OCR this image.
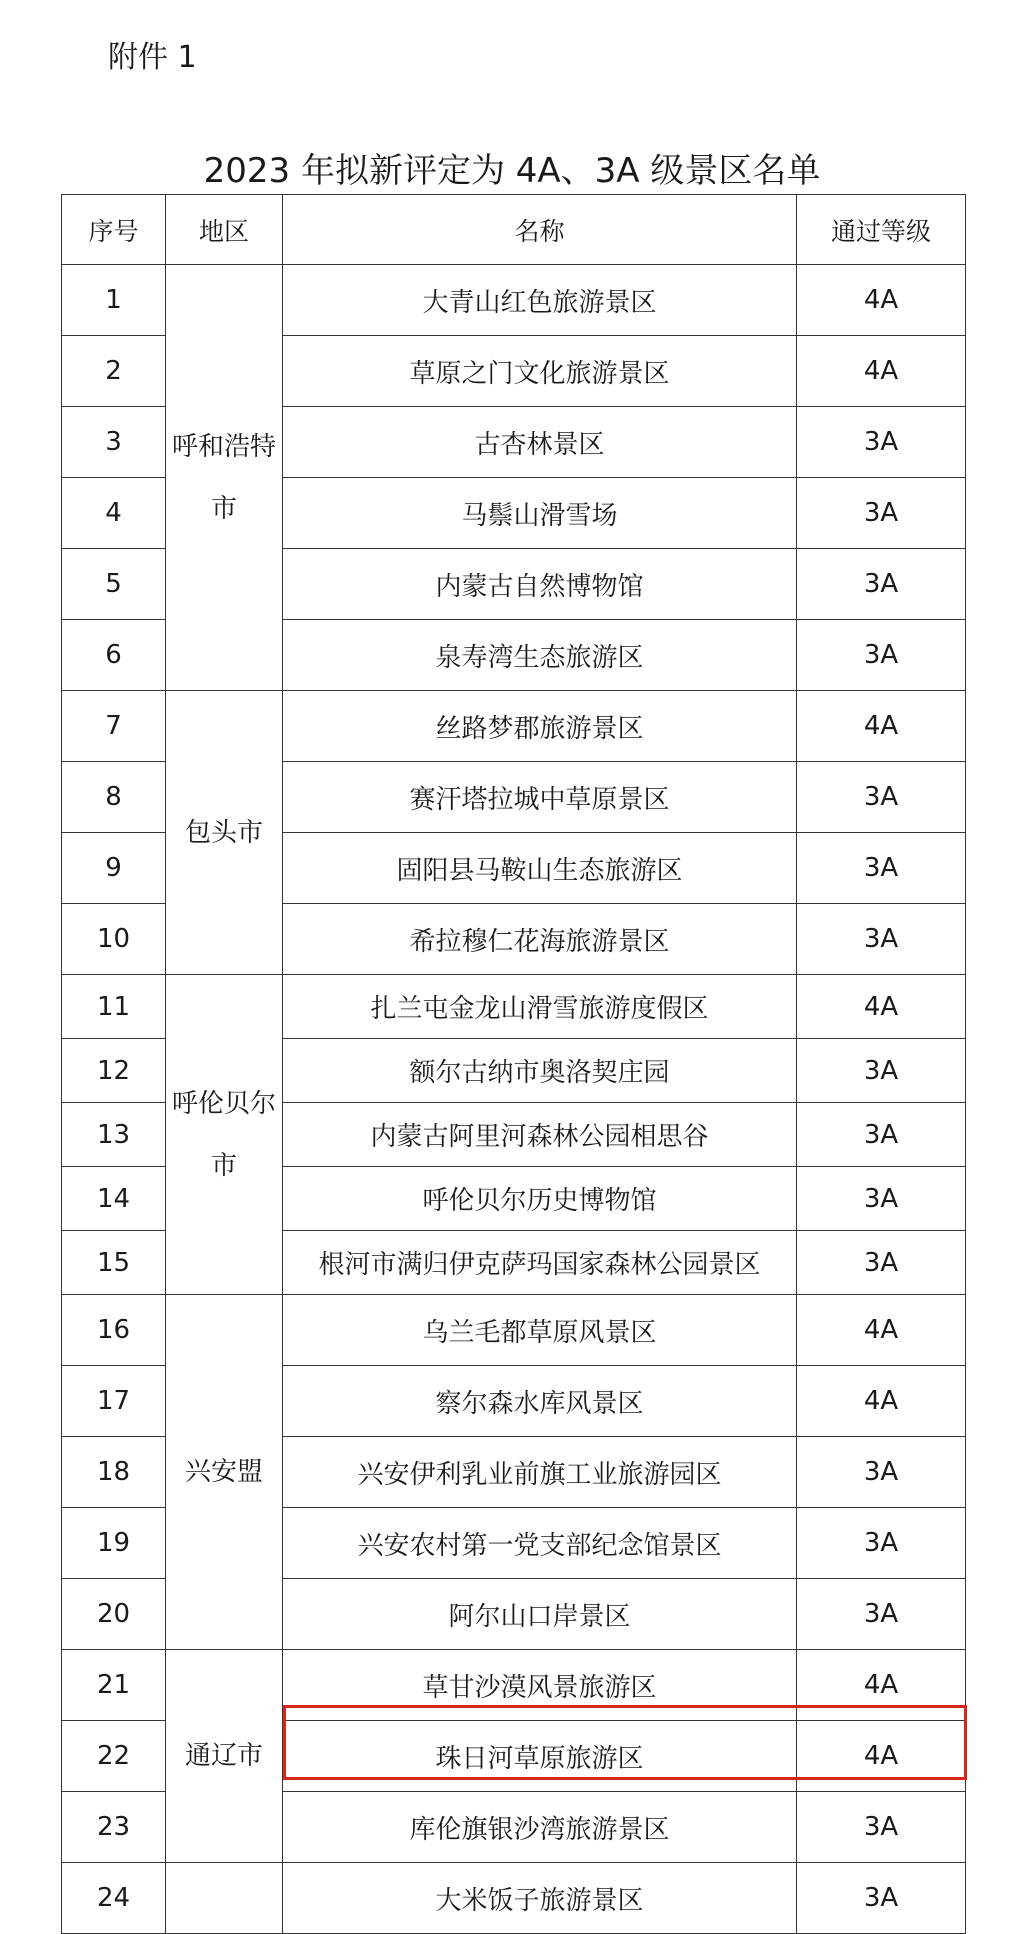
附件 1
2023 年拟新评定为 4A、3A 级景区名单
序号	地区	名称	通过等级
1	呼和浩特市	大青山红色旅游景区	4A
2		草原之门文化旅游景区	4A
3		古杏林景区	3A
4		马鬃山滑雪场	3A
5		内蒙古自然博物馆	3A
6		泉寿湾生态旅游区	3A
7	包头市	丝路梦郡旅游景区	4A
8		赛汗塔拉城中草原景区	3A
9		固阳县马鞍山生态旅游区	3A
10		希拉穆仁花海旅游景区	3A
11	呼伦贝尔市	扎兰屯金龙山滑雪旅游度假区	4A
12		额尔古纳市奥洛契庄园	3A
13		内蒙古阿里河森林公园相思谷	3A
14		呼伦贝尔历史博物馆	3A
15		根河市满归伊克萨玛国家森林公园景区	3A
16	兴安盟	乌兰毛都草原风景区	4A
17		察尔森水库风景区	4A
18		兴安伊利乳业前旗工业旅游园区	3A
19		兴安农村第一党支部纪念馆景区	3A
20		阿尔山口岸景区	3A
21	通辽市	草甘沙漠风景旅游区	4A
22		珠日河草原旅游区	4A
23		库伦旗银沙湾旅游景区	3A
24		大米饭子旅游景区	3A
